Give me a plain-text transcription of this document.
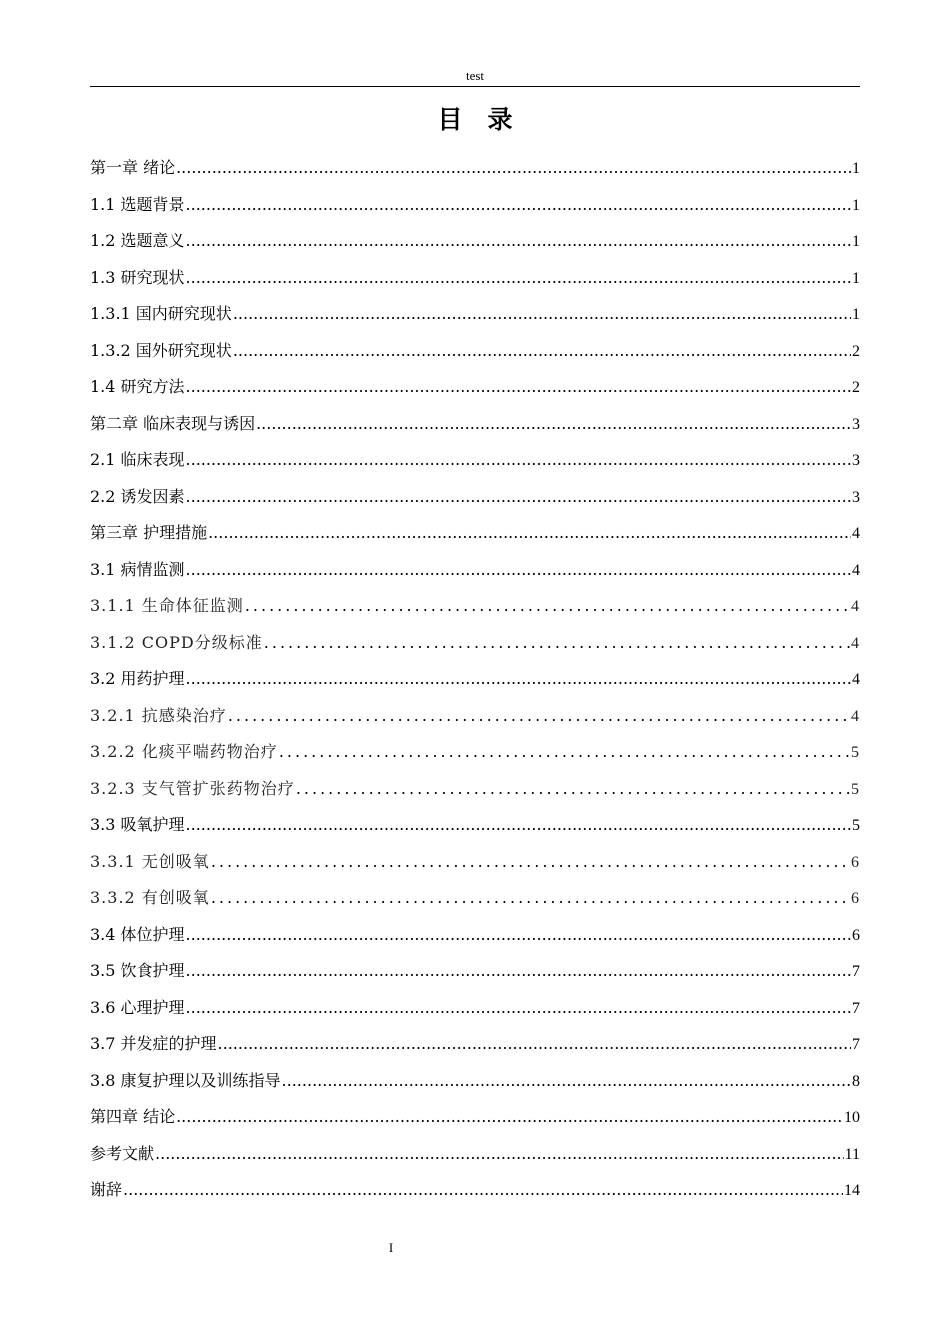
test
目　录
第一章 绪论 .....	1
1.1 选题背景 .....	1
1.2 选题意义 .....	1
1.3 研究现状 .....	1
1.3.1 国内研究现状 .....	1
1.3.2 国外研究现状 .....	2
1.4 研究方法 .....	2
第二章 临床表现与诱因 .....	3
2.1 临床表现 .....	3
2.2 诱发因素 .....	3
第三章 护理措施 .....	4
3.1 病情监测 .....	4
3.1.1 生命体征监测 .....	4
3.1.2 COPD分级标准 .....	4
3.2 用药护理 .....	4
3.2.1 抗感染治疗 .....	4
3.2.2 化痰平喘药物治疗 .....	5
3.2.3 支气管扩张药物治疗 .....	5
3.3 吸氧护理 .....	5
3.3.1 无创吸氧 .....	6
3.3.2 有创吸氧 .....	6
3.4 体位护理 .....	6
3.5 饮食护理 .....	7
3.6 心理护理 .....	7
3.7 并发症的护理 .....	7
3.8 康复护理以及训练指导 .....	8
第四章 结论 .....	10
参考文献 .....	11
谢辞 .....	14
I
